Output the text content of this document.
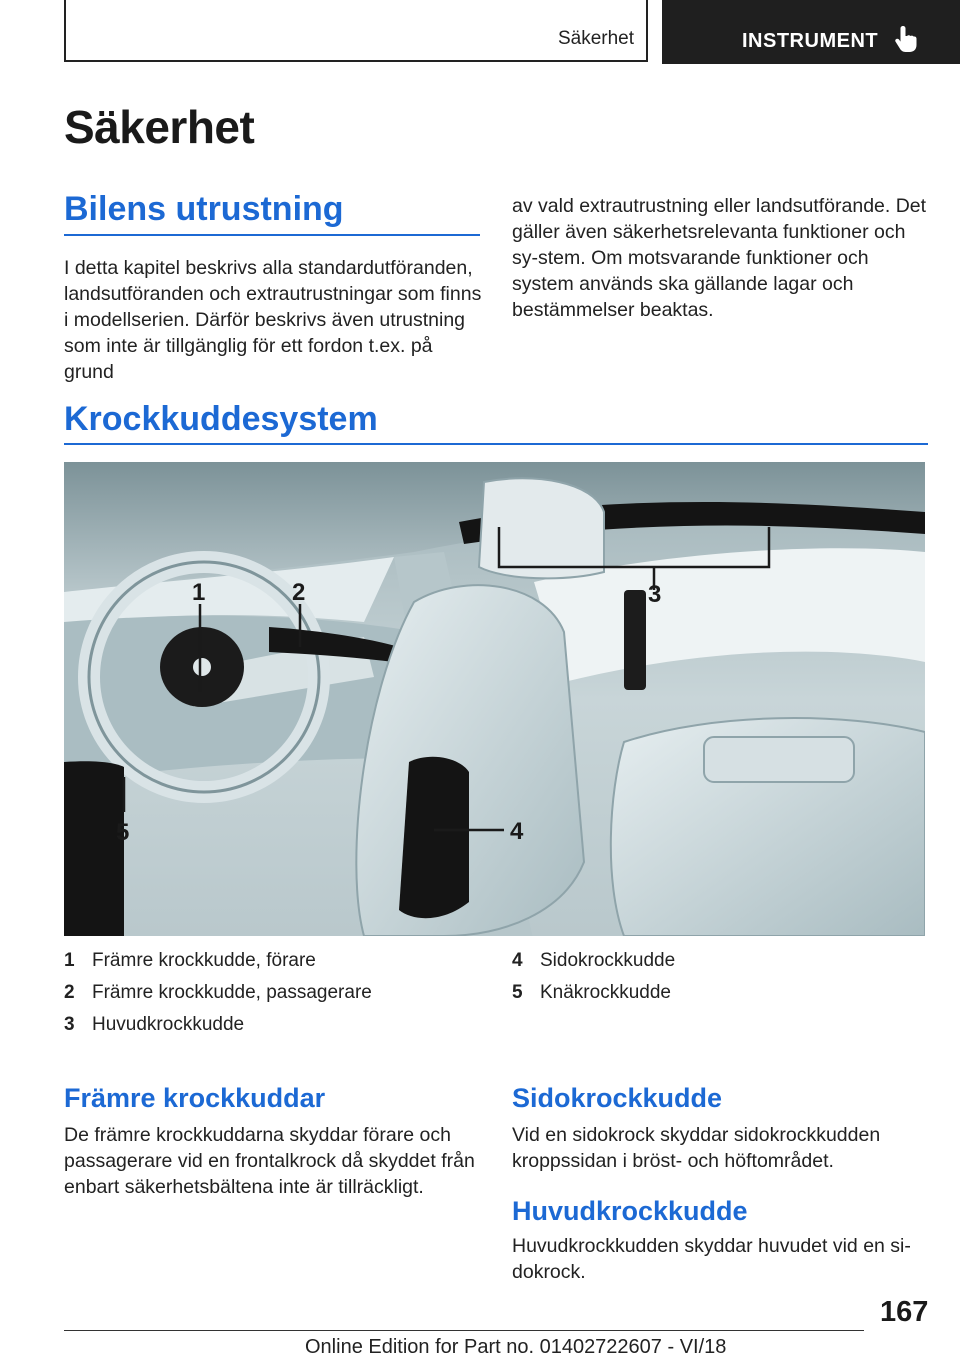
Säkerhet	INSTRUMENT
Säkerhet
Bilens utrustning
I detta kapitel beskrivs alla standardutföranden, landsutföranden och extrautrustningar som finns i modellserien. Därför beskrivs även utrustning som inte är tillgänglig för ett fordon t.ex. på grund
av vald extrautrustning eller landsutförande. Det gäller även säkerhetsrelevanta funktioner och sy-stem. Om motsvarande funktioner och system används ska gällande lagar och bestämmelser beaktas.
Krockkuddesystem
1	2	3
4
5
1 Främre krockkudde, förare
2 Främre krockkudde, passagerare
3 Huvudkrockkudde
4 Sidokrockkudde
5 Knäkrockkudde
Främre krockkuddar
De främre krockkuddarna skyddar förare och passagerare vid en frontalkrock då skyddet från enbart säkerhetsbältena inte är tillräckligt.
Sidokrockkudde
Vid en sidokrock skyddar sidokrockkudden kroppssidan i bröst- och höftområdet.
Huvudkrockkudde
Huvudkrockkudden skyddar huvudet vid en si-dokrock.
167
Online Edition for Part no. 01402722607 - VI/18
